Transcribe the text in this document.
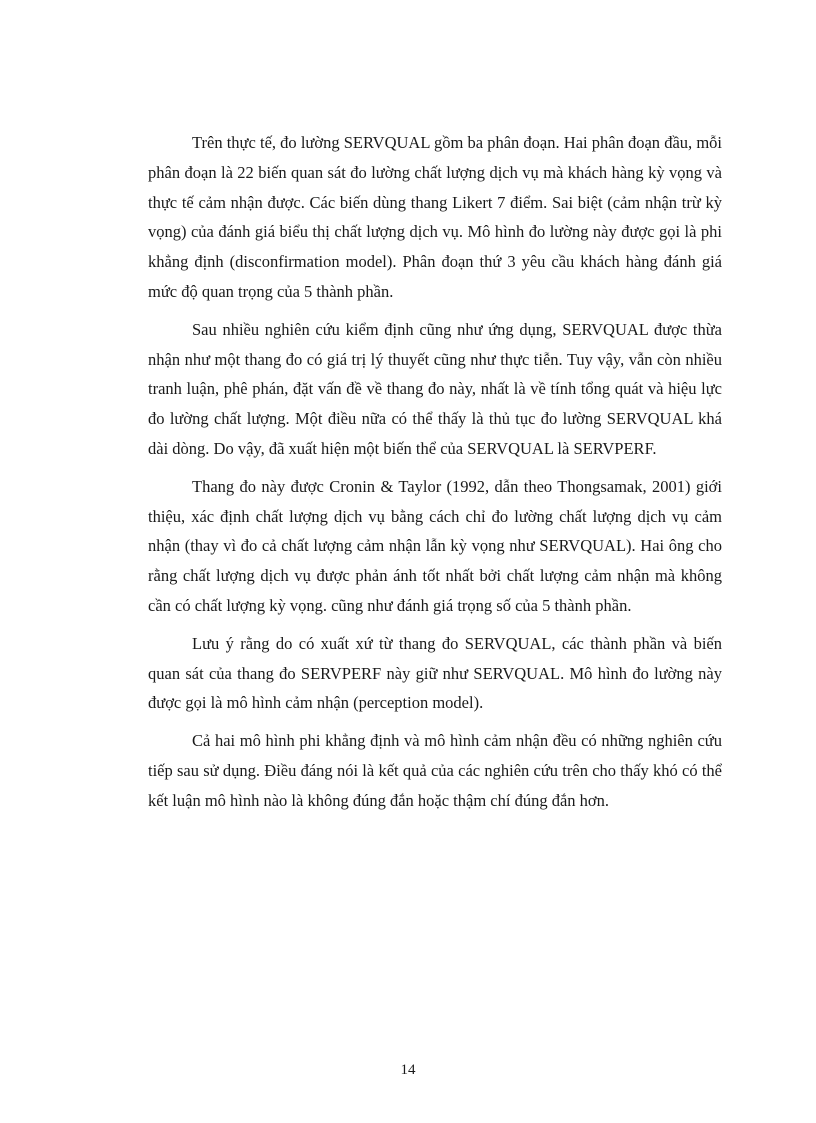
Trên thực tế, đo lường SERVQUAL gồm ba phân đoạn. Hai phân đoạn đầu, mỗi phân đoạn là 22 biến quan sát đo lường chất lượng dịch vụ mà khách hàng kỳ vọng và thực tế cảm nhận được. Các biến dùng thang Likert 7 điểm. Sai biệt (cảm nhận trừ kỳ vọng) của đánh giá biểu thị chất lượng dịch vụ. Mô hình đo lường này được gọi là phi khẳng định (disconfirmation model). Phân đoạn thứ 3 yêu cầu khách hàng đánh giá mức độ quan trọng của 5 thành phần.

Sau nhiều nghiên cứu kiểm định cũng như ứng dụng, SERVQUAL được thừa nhận như một thang đo có giá trị lý thuyết cũng như thực tiễn. Tuy vậy, vẫn còn nhiều tranh luận, phê phán, đặt vấn đề về thang đo này, nhất là về tính tổng quát và hiệu lực đo lường chất lượng. Một điều nữa có thể thấy là thủ tục đo lường SERVQUAL khá dài dòng. Do vậy, đã xuất hiện một biến thể của SERVQUAL là SERVPERF.

Thang đo này được Cronin & Taylor (1992, dẫn theo Thongsamak, 2001) giới thiệu, xác định chất lượng dịch vụ bằng cách chỉ đo lường chất lượng dịch vụ cảm nhận (thay vì đo cả chất lượng cảm nhận lẫn kỳ vọng như SERVQUAL). Hai ông cho rằng chất lượng dịch vụ được phản ánh tốt nhất bởi chất lượng cảm nhận mà không cần có chất lượng kỳ vọng. cũng như đánh giá trọng số của 5 thành phần.

Lưu ý rằng do có xuất xứ từ thang đo SERVQUAL, các thành phần và biến quan sát của thang đo SERVPERF này giữ như SERVQUAL. Mô hình đo lường này được gọi là mô hình cảm nhận (perception model).

Cả hai mô hình phi khẳng định và mô hình cảm nhận đều có những nghiên cứu tiếp sau sử dụng. Điều đáng nói là kết quả của các nghiên cứu trên cho thấy khó có thể kết luận mô hình nào là không đúng đắn hoặc thậm chí đúng đắn hơn.

14
